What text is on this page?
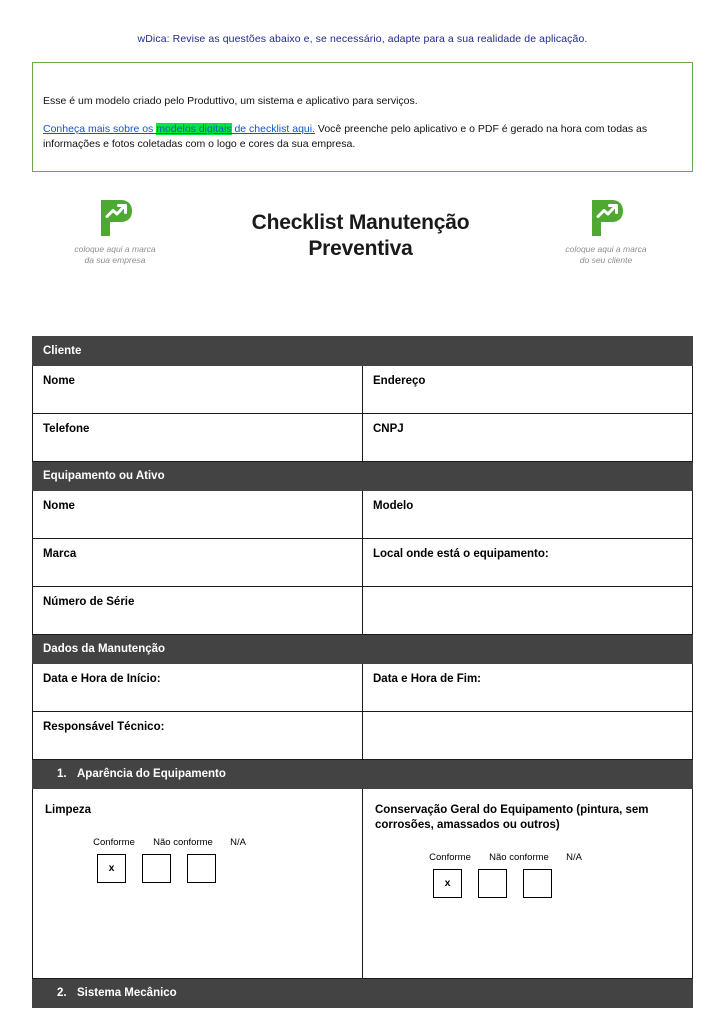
wDica: Revise as questões abaixo e, se necessário, adapte para a sua realidade de aplicação.

Esse é um modelo criado pelo Produttivo, um sistema e aplicativo para serviços.

Conheça mais sobre os modelos digitais de checklist aqui. Você preenche pelo aplicativo e o PDF é gerado na hora com todas as informações e fotos coletadas com o logo e cores da sua empresa.

coloque aqui a marca
da sua empresa
Checklist Manutenção
Preventiva	coloque aqui a marca
do seu cliente
Cliente	
Nome	Endereço
Telefone	CNPJ
Equipamento ou Ativo	
Nome	Modelo
Marca	Local onde está o equipamento:
Número de Série	
Dados da Manutenção	
Data e Hora de Início:	Data e Hora de Fim:
Responsável Técnico:	
1. Aparência do Equipamento	

Limpeza
Conforme	Não conforme	N/A
x

Conservação Geral do Equipamento (pintura, sem corrosões, amassados ou outros)
Conforme	Não conforme	N/A
x

2. Sistema Mecânico	
